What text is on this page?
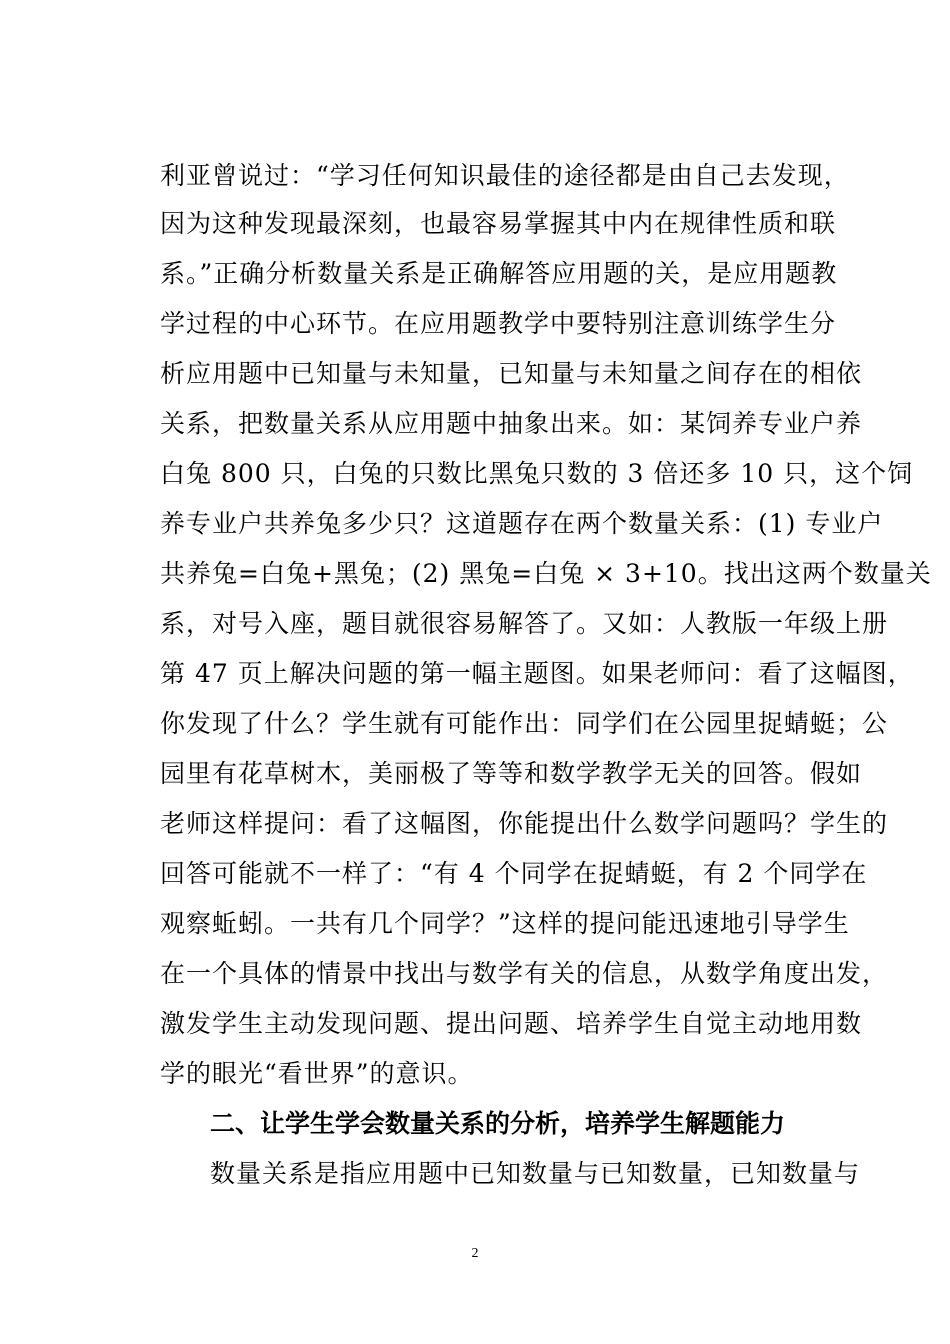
利亚曾说过：“学习任何知识最佳的途径都是由自己去发现，
因为这种发现最深刻，也最容易掌握其中内在规律性质和联
系。”正确分析数量关系是正确解答应用题的关，是应用题教
学过程的中心环节。在应用题教学中要特别注意训练学生分
析应用题中已知量与未知量，已知量与未知量之间存在的相依
关系，把数量关系从应用题中抽象出来。如：某饲养专业户养
白兔 800 只，白兔的只数比黑兔只数的 3 倍还多 10 只，这个饲
养专业户共养兔多少只？这道题存在两个数量关系：(1) 专业户
共养兔=白兔+黑兔；(2) 黑兔=白兔 × 3+10。找出这两个数量关
系，对号入座，题目就很容易解答了。又如：人教版一年级上册
第 47 页上解决问题的第一幅主题图。如果老师问：看了这幅图，
你发现了什么？学生就有可能作出：同学们在公园里捉蜻蜓；公
园里有花草树木，美丽极了等等和数学教学无关的回答。假如
老师这样提问：看了这幅图，你能提出什么数学问题吗？学生的
回答可能就不一样了：“有 4 个同学在捉蜻蜓，有 2 个同学在
观察蚯蚓。一共有几个同学？”这样的提问能迅速地引导学生
在一个具体的情景中找出与数学有关的信息，从数学角度出发，
激发学生主动发现问题、提出问题、培养学生自觉主动地用数
学的眼光“看世界”的意识。
二、让学生学会数量关系的分析，培养学生解题能力
数量关系是指应用题中已知数量与已知数量，已知数量与
2
